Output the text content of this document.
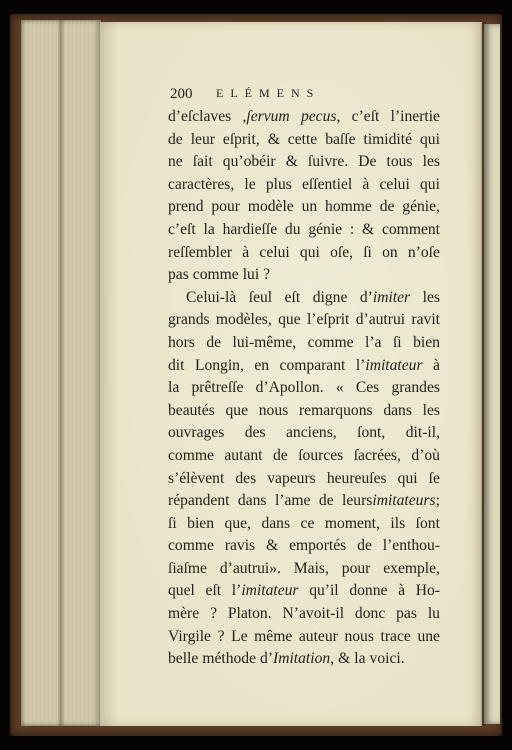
200 ELÉMENS
d’eſclaves ,ſervum pecus, c’eſt l’inertie
de leur eſprit, & cette baſſe timidité qui
ne ſait qu’obéir & ſuivre. De tous les
caractères, le plus eſſentiel à celui qui
prend pour modèle un homme de génie,
c’eſt la hardieſſe du génie : & comment
reſſembler à celui qui oſe, ſi on n’oſe
pas comme lui ?
Celui-là ſeul eſt digne d’imiter les
grands modèles, que l’eſprit d’autrui ravit
hors de lui-même, comme l’a ſi bien
dit Longin, en comparant l’imitateur à
la prêtreſſe d’Apollon. « Ces grandes
beautés que nous remarquons dans les
ouvrages des anciens, ſont, dit-il,
comme autant de ſources ſacrées, d’où
s’élèvent des vapeurs heureuſes qui ſe
répandent dans l’ame de leursimitateurs;
ſi bien que, dans ce moment, ils ſont
comme ravis & emportés de l’enthou-
ſiaſme d’autrui». Mais, pour exemple,
quel eſt l’imitateur qu’il donne à Ho-
mère ? Platon. N’avoit-il donc pas lu
Virgile ? Le même auteur nous trace une
belle méthode d’Imitation, & la voici.
